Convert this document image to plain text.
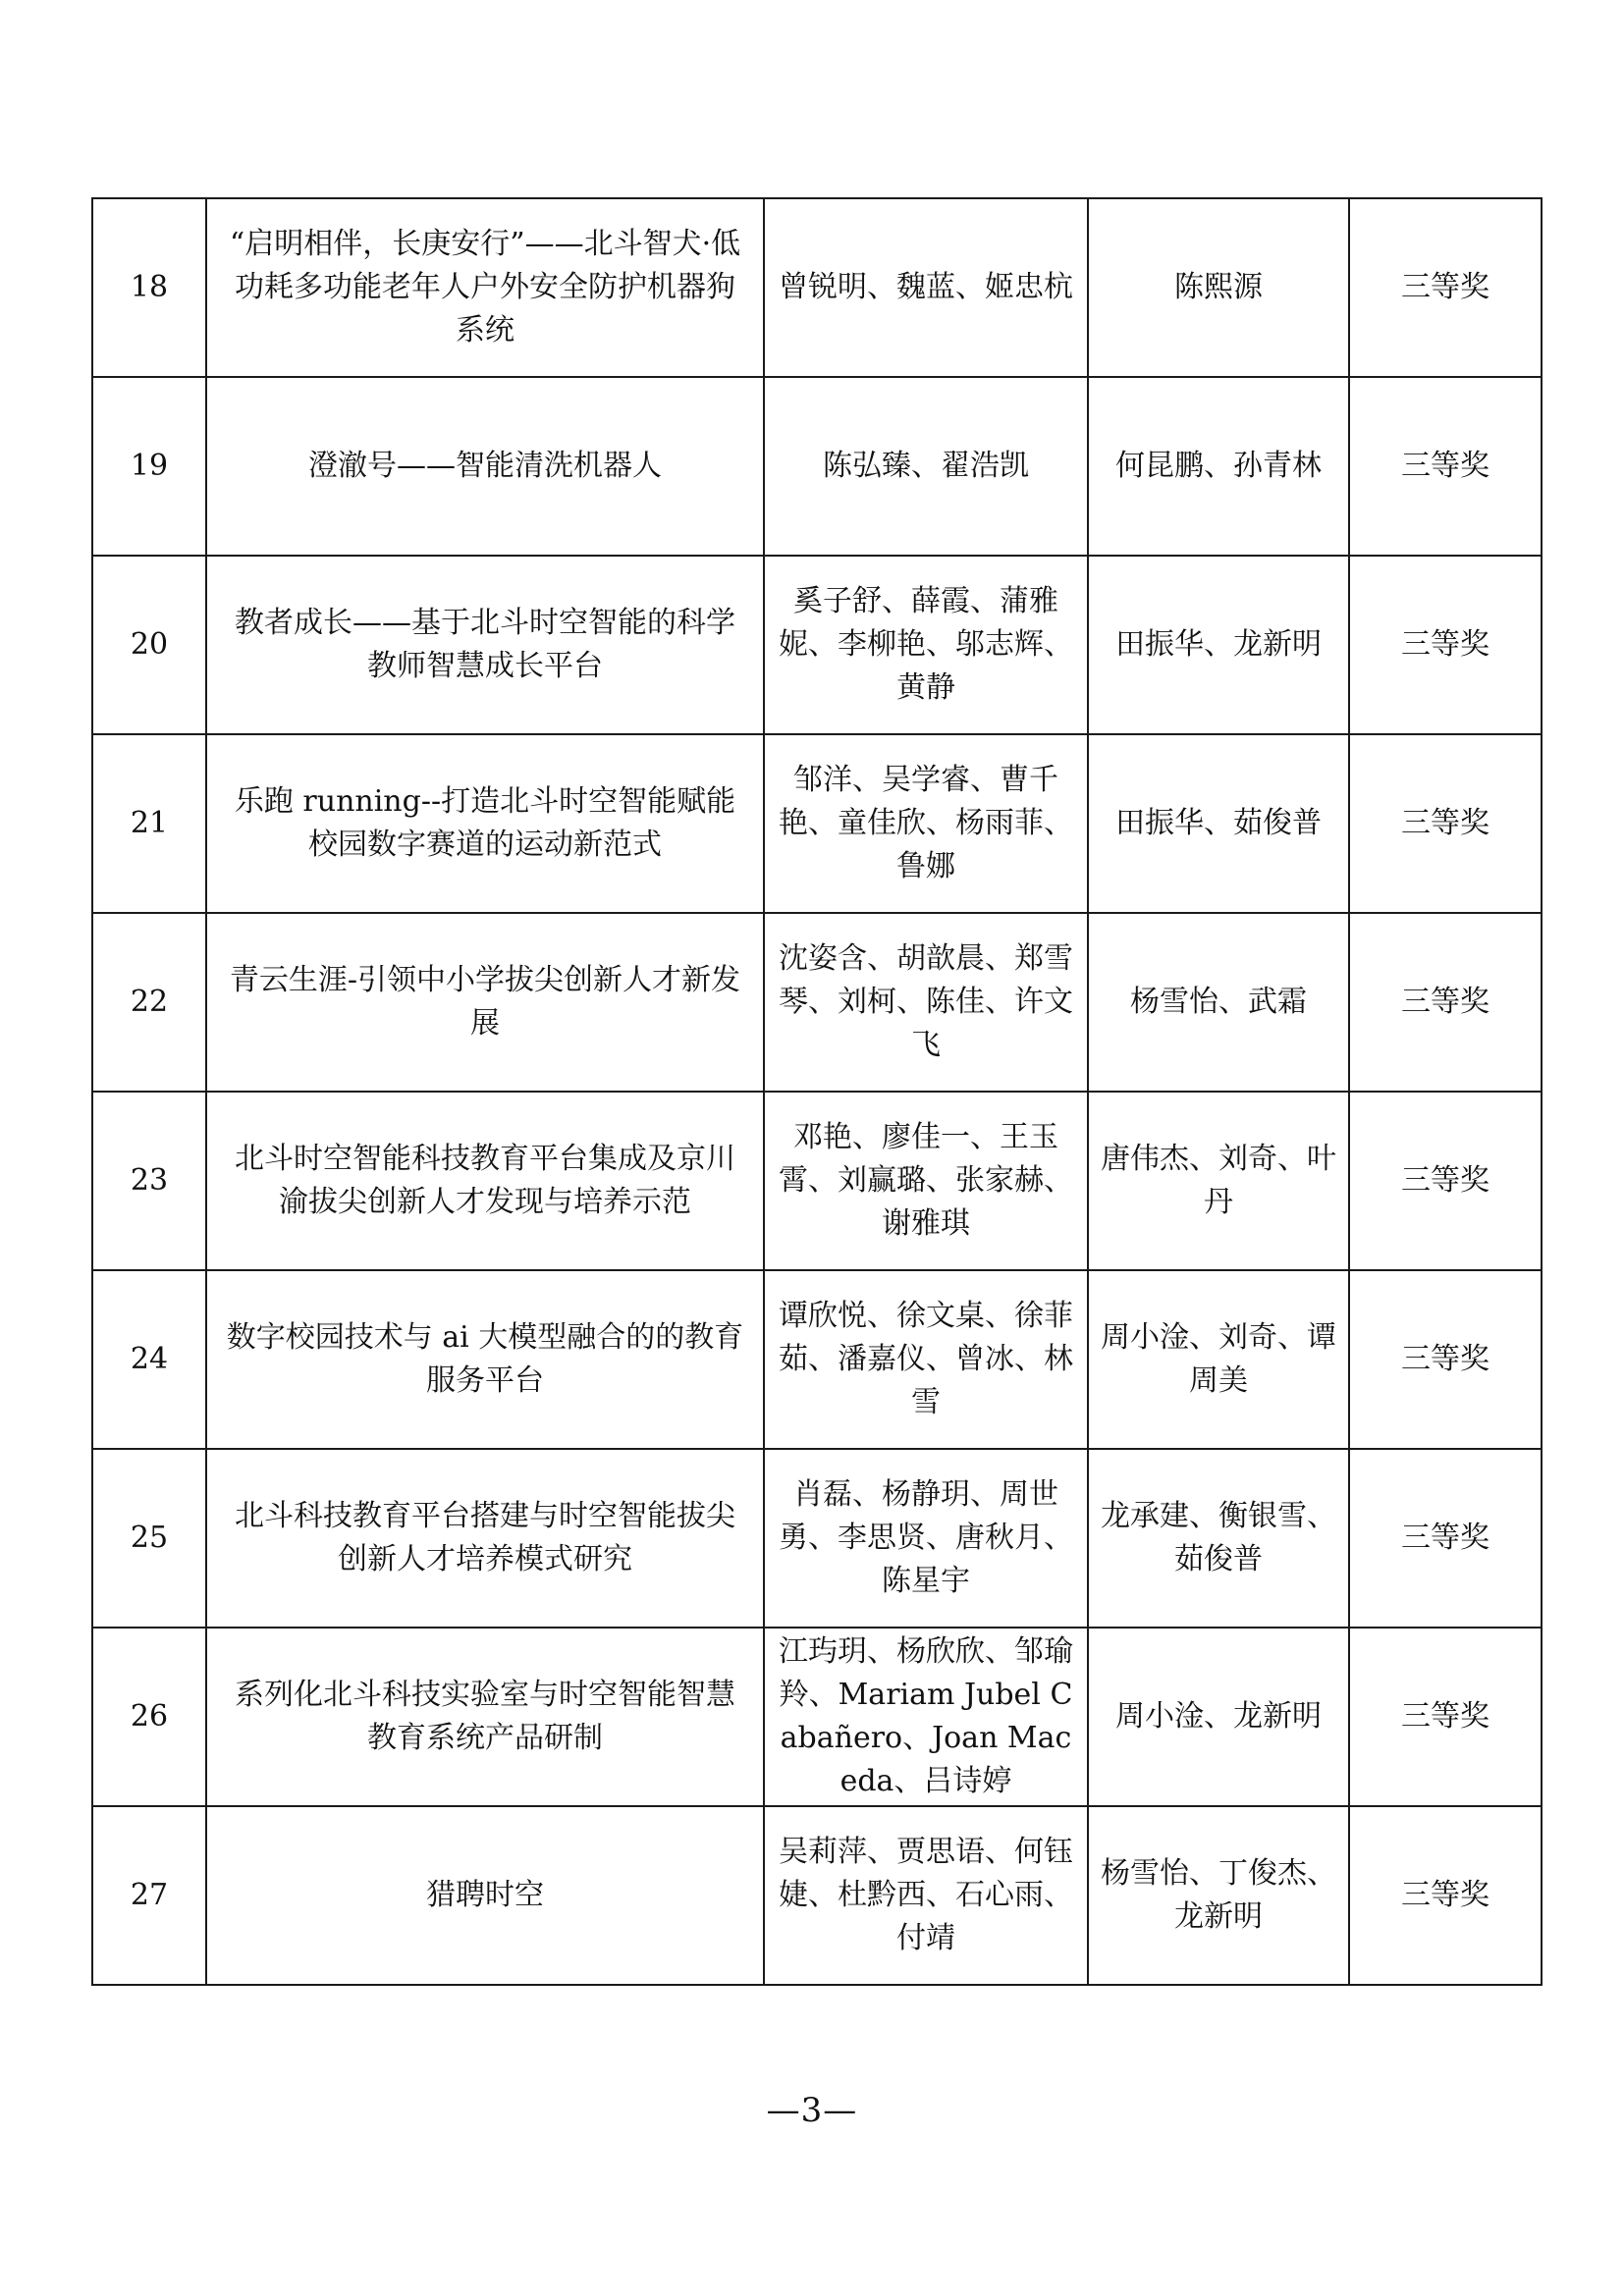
18	“启明相伴，长庚安行”——北斗智犬·低功耗多功能老年人户外安全防护机器狗系统	曾锐明、魏蓝、姬忠杭	陈熙源	三等奖
19	澄澈号——智能清洗机器人	陈弘臻、翟浩凯	何昆鹏、孙青林	三等奖
20	教者成长——基于北斗时空智能的科学教师智慧成长平台	奚子舒、薛霞、蒲雅妮、李柳艳、邬志辉、黄静	田振华、龙新明	三等奖
21	乐跑 running--打造北斗时空智能赋能校园数字赛道的运动新范式	邹洋、吴学睿、曹千艳、童佳欣、杨雨菲、鲁娜	田振华、茹俊普	三等奖
22	青云生涯-引领中小学拔尖创新人才新发展	沈姿含、胡歆晨、郑雪琴、刘柯、陈佳、许文飞	杨雪怡、武霜	三等奖
23	北斗时空智能科技教育平台集成及京川渝拔尖创新人才发现与培养示范	邓艳、廖佳一、王玉霄、刘赢璐、张家赫、谢雅琪	唐伟杰、刘奇、叶丹	三等奖
24	数字校园技术与 ai 大模型融合的的教育服务平台	谭欣悦、徐文桌、徐菲茹、潘嘉仪、曾冰、林雪	周小淦、刘奇、谭周美	三等奖
25	北斗科技教育平台搭建与时空智能拔尖创新人才培养模式研究	肖磊、杨静玥、周世勇、李思贤、唐秋月、陈星宇	龙承建、衡银雪、茹俊普	三等奖
26	系列化北斗科技实验室与时空智能智慧教育系统产品研制	江玙玥、杨欣欣、邹瑜羚、Mariam Jubel Cabañero、Joan Maceda、吕诗婷	周小淦、龙新明	三等奖
27	猎聘时空	吴莉萍、贾思语、何钰婕、杜黔西、石心雨、付靖	杨雪怡、丁俊杰、龙新明	三等奖
—3—
